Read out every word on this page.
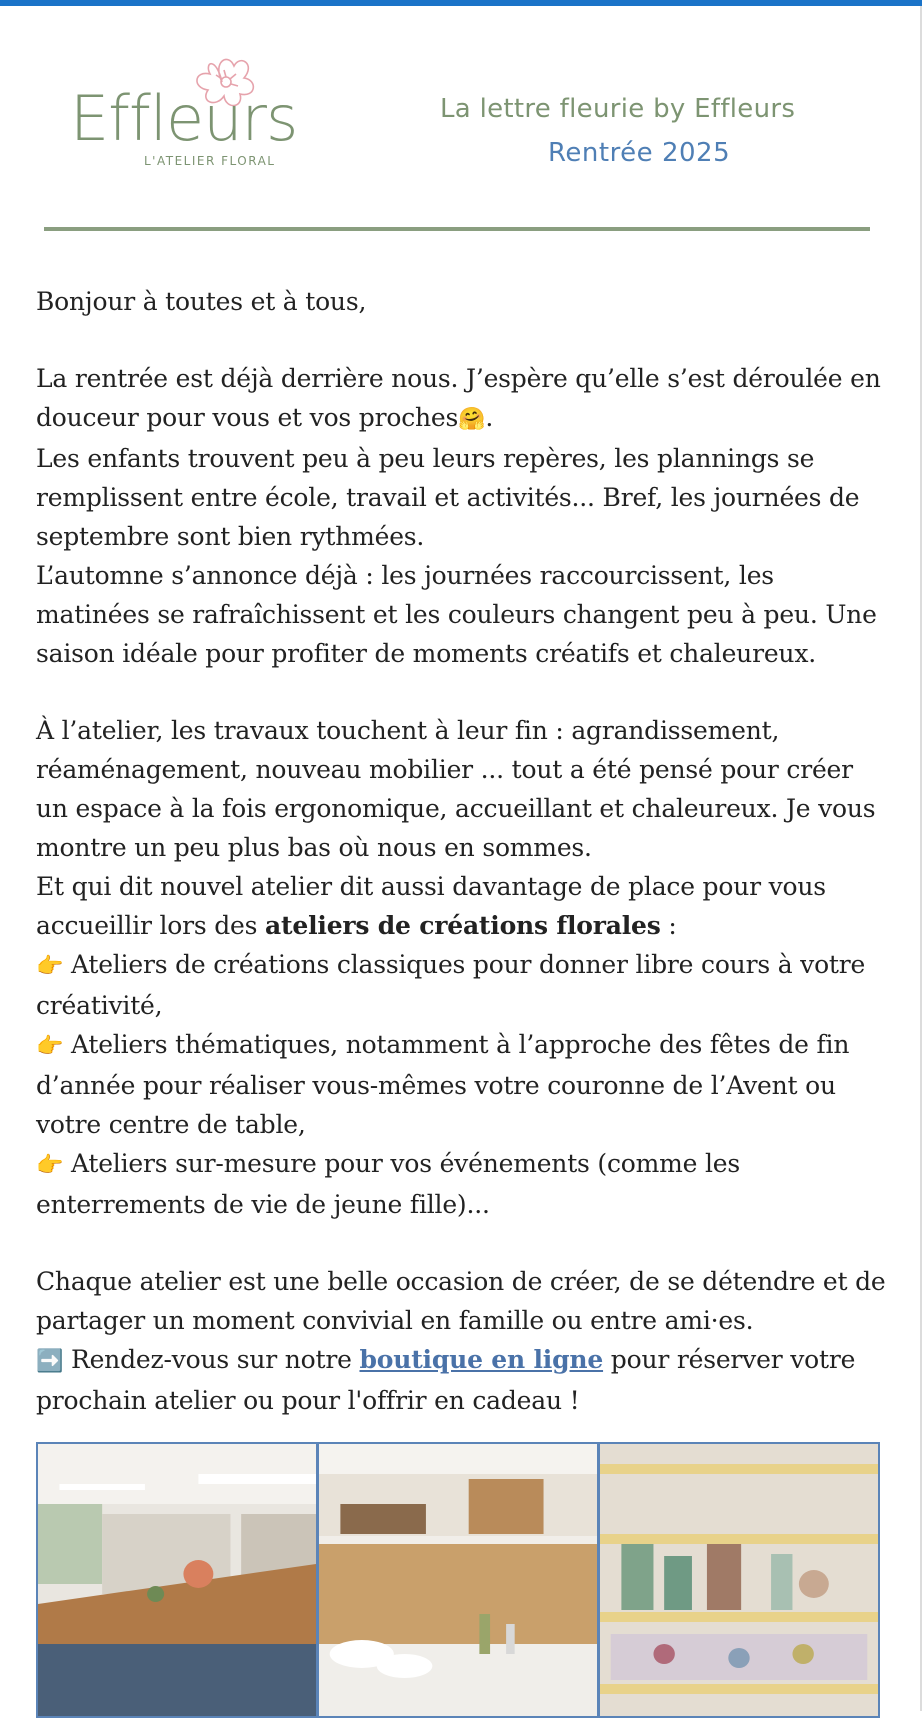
Effleurs
L'ATELIER FLORAL
La lettre fleurie by Effleurs
Rentrée 2025

Bonjour à toutes et à tous,

La rentrée est déjà derrière nous. J’espère qu’elle s’est déroulée en douceur pour vous et vos proches🤗.

Les enfants trouvent peu à peu leurs repères, les plannings se remplissent entre école, travail et activités... Bref, les journées de septembre sont bien rythmées.

L’automne s’annonce déjà : les journées raccourcissent, les matinées se rafraîchissent et les couleurs changent peu à peu. Une saison idéale pour profiter de moments créatifs et chaleureux.

À l’atelier, les travaux touchent à leur fin : agrandissement, réaménagement, nouveau mobilier ... tout a été pensé pour créer un espace à la fois ergonomique, accueillant et chaleureux. Je vous montre un peu plus bas où nous en sommes.

Et qui dit nouvel atelier dit aussi davantage de place pour vous accueillir lors des ateliers de créations florales :

👉 Ateliers de créations classiques pour donner libre cours à votre créativité,

👉 Ateliers thématiques, notamment à l’approche des fêtes de fin d’année pour réaliser vous-mêmes votre couronne de l’Avent ou votre centre de table,

👉 Ateliers sur-mesure pour vos événements (comme les enterrements de vie de jeune fille)...

Chaque atelier est une belle occasion de créer, de se détendre et de partager un moment convivial en famille ou entre ami·es.

➡️ Rendez-vous sur notre boutique en ligne pour réserver votre prochain atelier ou pour l'offrir en cadeau !
